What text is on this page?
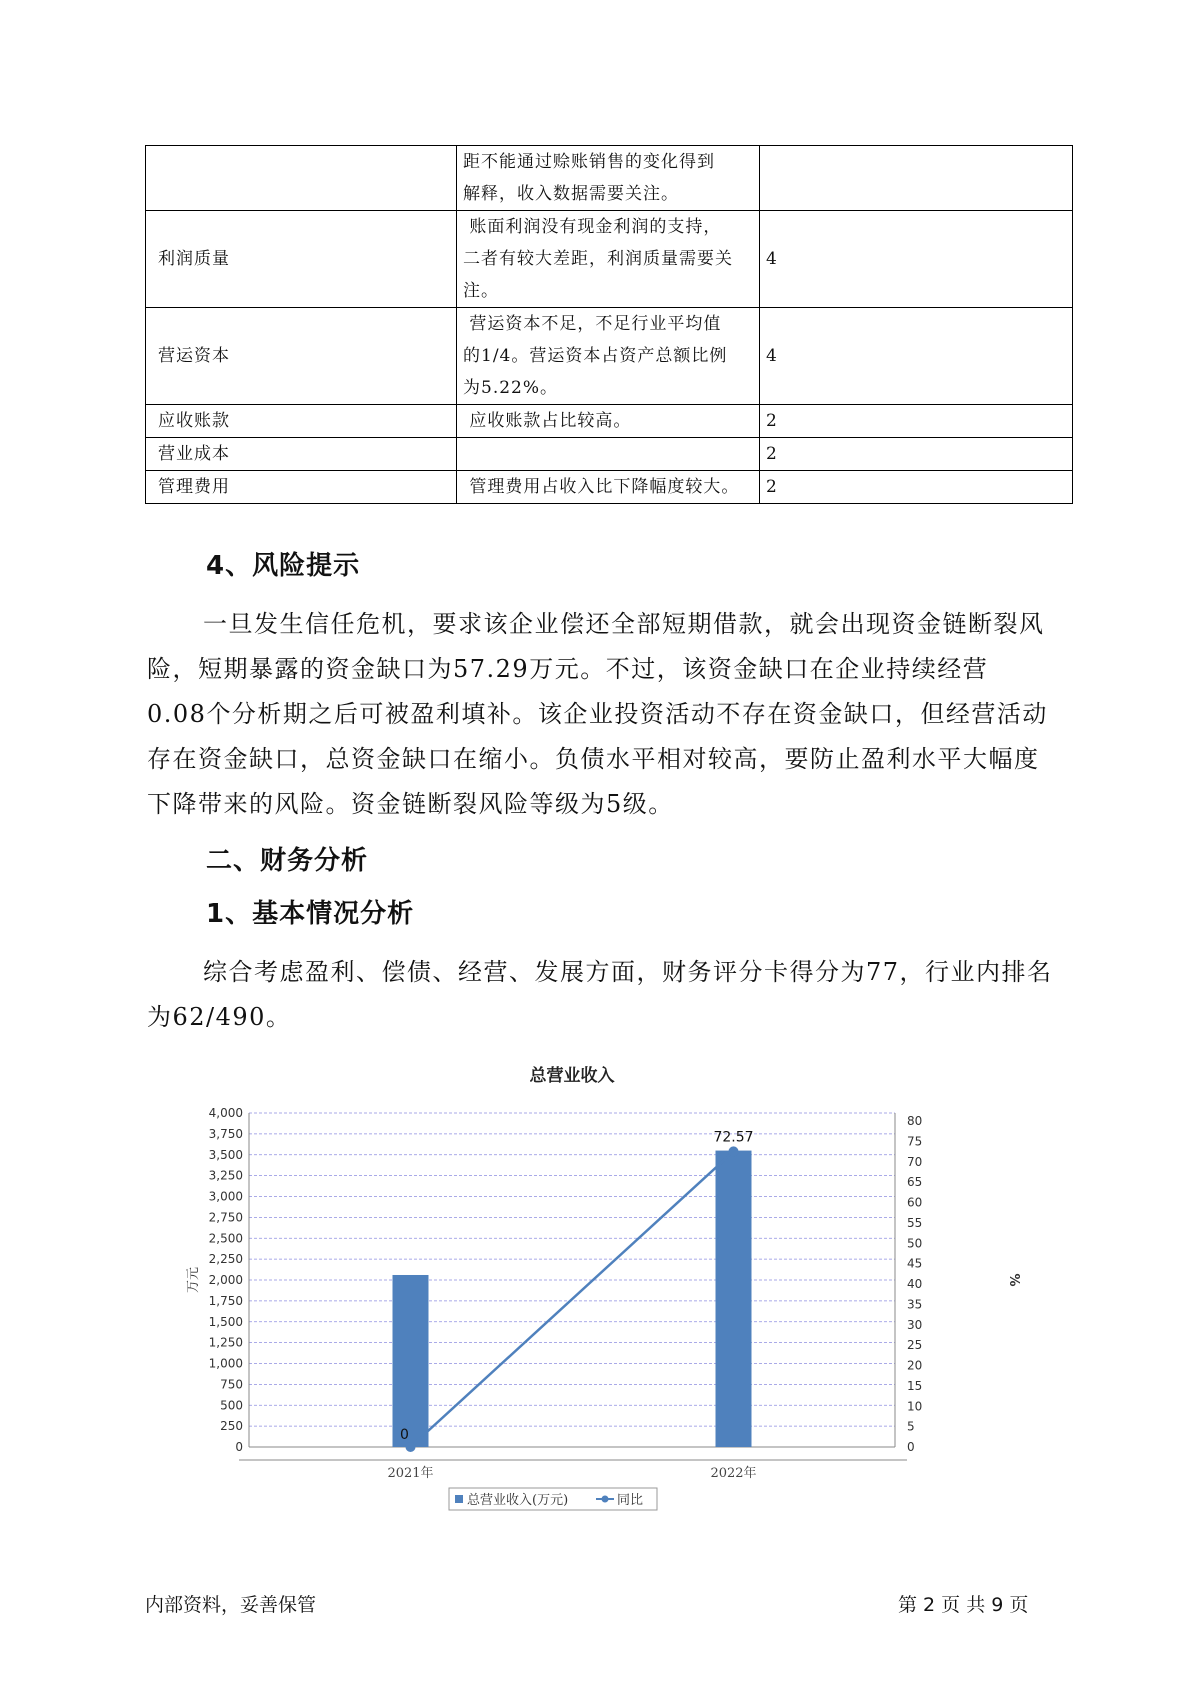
	距不能通过赊账销售的变化得到
解释，收入数据需要关注。	

利润质量	账面利润没有现金利润的支持，
二者有较大差距，利润质量需要关
注。	4
营运资本	营运资本不足，不足行业平均值
的1/4。营运资本占资产总额比例
为5.22%。	4
应收账款	应收账款占比较高。	2
营业成本		2
管理费用	管理费用占收入比下降幅度较大。	2
4、风险提示

一旦发生信任危机，要求该企业偿还全部短期借款，就会出现资金链断裂风险，短期暴露的资金缺口为57.29万元。不过，该资金缺口在企业持续经营 0.08个分析期之后可被盈利填补。该企业投资活动不存在资金缺口，但经营活动存在资金缺口，总资金缺口在缩小。负债水平相对较高，要防止盈利水平大幅度下降带来的风险。资金链断裂风险等级为5级。

二、财务分析
1、基本情况分析

综合考虑盈利、偿债、经营、发展方面，财务评分卡得分为77，行业内排名为62/490。

总营业收入
0
250
500
750
1,000
1,250
1,500
1,750
2,000
2,250
2,500
2,750
3,000
3,250
3,500
3,750
4,000
0
5
10
15
20
25
30
35
40
45
50
55
60
65
70
75
80
万元	%
2021年	2022年
0
72.57
总营业收入(万元)	同比
内部资料，妥善保管	第 2 页 共 9 页
